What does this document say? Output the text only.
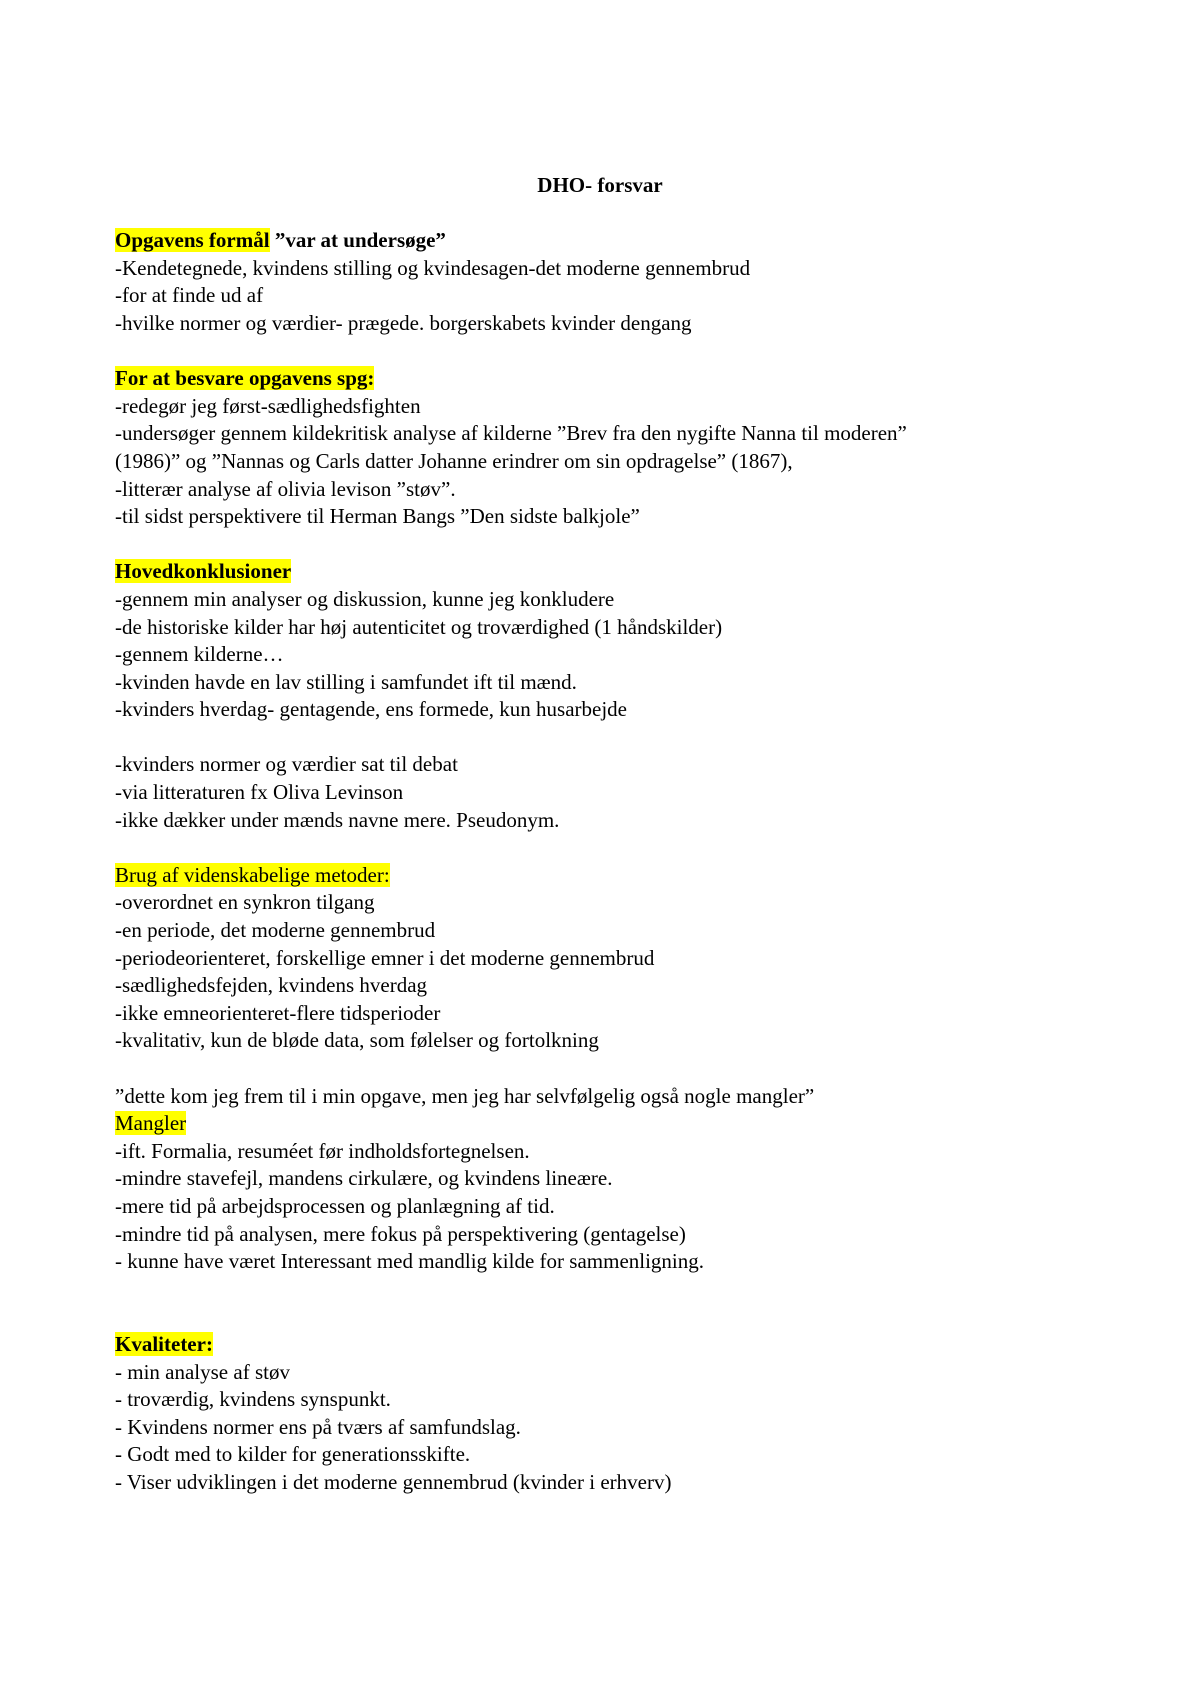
DHO- forsvar
Opgavens formål ”var at undersøge”
-Kendetegnede, kvindens stilling og kvindesagen-det moderne gennembrud
-for at finde ud af
-hvilke normer og værdier- prægede. borgerskabets kvinder dengang
For at besvare opgavens spg:
-redegør jeg først-sædlighedsfighten
-undersøger gennem kildekritisk analyse af kilderne ”Brev fra den nygifte Nanna til moderen”
(1986)” og ”Nannas og Carls datter Johanne erindrer om sin opdragelse” (1867),
-litterær analyse af olivia levison ”støv”.
-til sidst perspektivere til Herman Bangs ”Den sidste balkjole”
Hovedkonklusioner
-gennem min analyser og diskussion, kunne jeg konkludere
-de historiske kilder har høj autenticitet og troværdighed (1 håndskilder)
-gennem kilderne…
-kvinden havde en lav stilling i samfundet ift til mænd.
-kvinders hverdag- gentagende, ens formede, kun husarbejde
-kvinders normer og værdier sat til debat
-via litteraturen fx Oliva Levinson
-ikke dækker under mænds navne mere. Pseudonym.
Brug af videnskabelige metoder:
-overordnet en synkron tilgang
-en periode, det moderne gennembrud
-periodeorienteret, forskellige emner i det moderne gennembrud
-sædlighedsfejden, kvindens hverdag
-ikke emneorienteret-flere tidsperioder
-kvalitativ, kun de bløde data, som følelser og fortolkning
”dette kom jeg frem til i min opgave, men jeg har selvfølgelig også nogle mangler”
Mangler
-ift. Formalia, resuméet før indholdsfortegnelsen.
-mindre stavefejl, mandens cirkulære, og kvindens lineære.
-mere tid på arbejdsprocessen og planlægning af tid.
-mindre tid på analysen, mere fokus på perspektivering (gentagelse)
- kunne have været Interessant med mandlig kilde for sammenligning.
Kvaliteter:
- min analyse af støv
- troværdig, kvindens synspunkt.
- Kvindens normer ens på tværs af samfundslag.
- Godt med to kilder for generationsskifte.
- Viser udviklingen i det moderne gennembrud (kvinder i erhverv)
